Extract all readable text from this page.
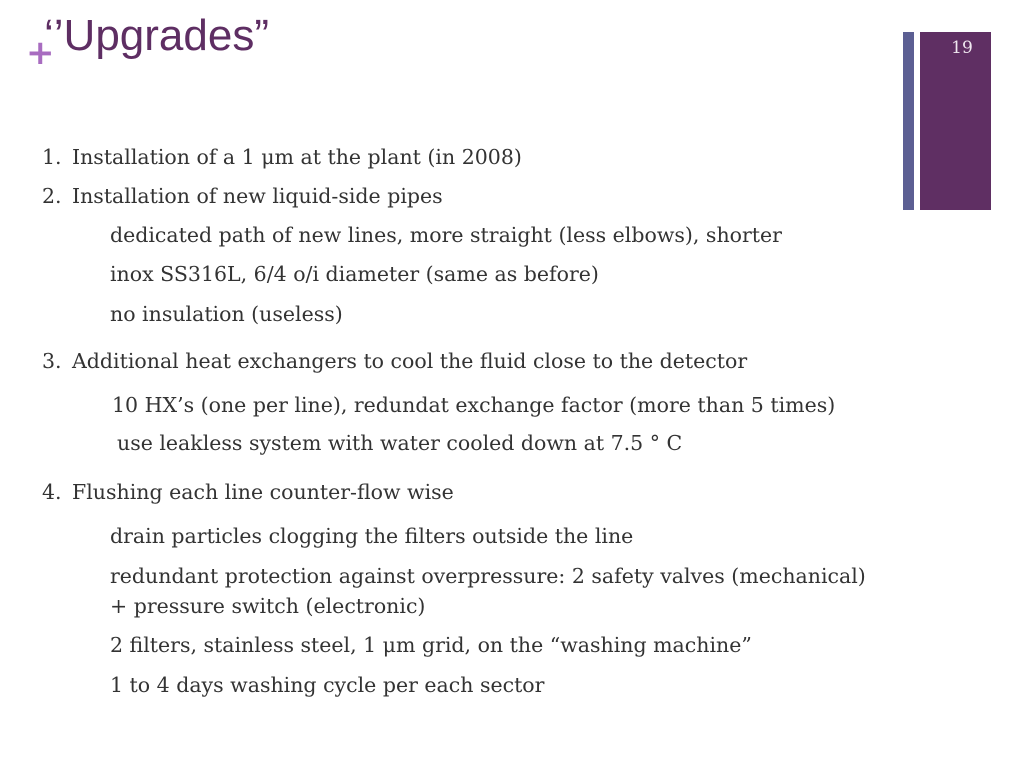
+
‘’Upgrades”	19
1. Installation of a 1 μm at the plant (in 2008)
2. Installation of new liquid-side pipes
dedicated path of new lines, more straight (less elbows), shorter
inox SS316L, 6/4 o/i diameter (same as before)
no insulation (useless)
3. Additional heat exchangers to cool the fluid close to the detector
10 HX’s (one per line), redundat exchange factor (more than 5 times)
use leakless system with water cooled down at 7.5 ° C
4. Flushing each line counter-flow wise
drain particles clogging the filters outside the line
redundant protection against overpressure: 2 safety valves (mechanical)
+ pressure switch (electronic)
2 filters, stainless steel, 1 μm grid, on the “washing machine”
1 to 4 days washing cycle per each sector
